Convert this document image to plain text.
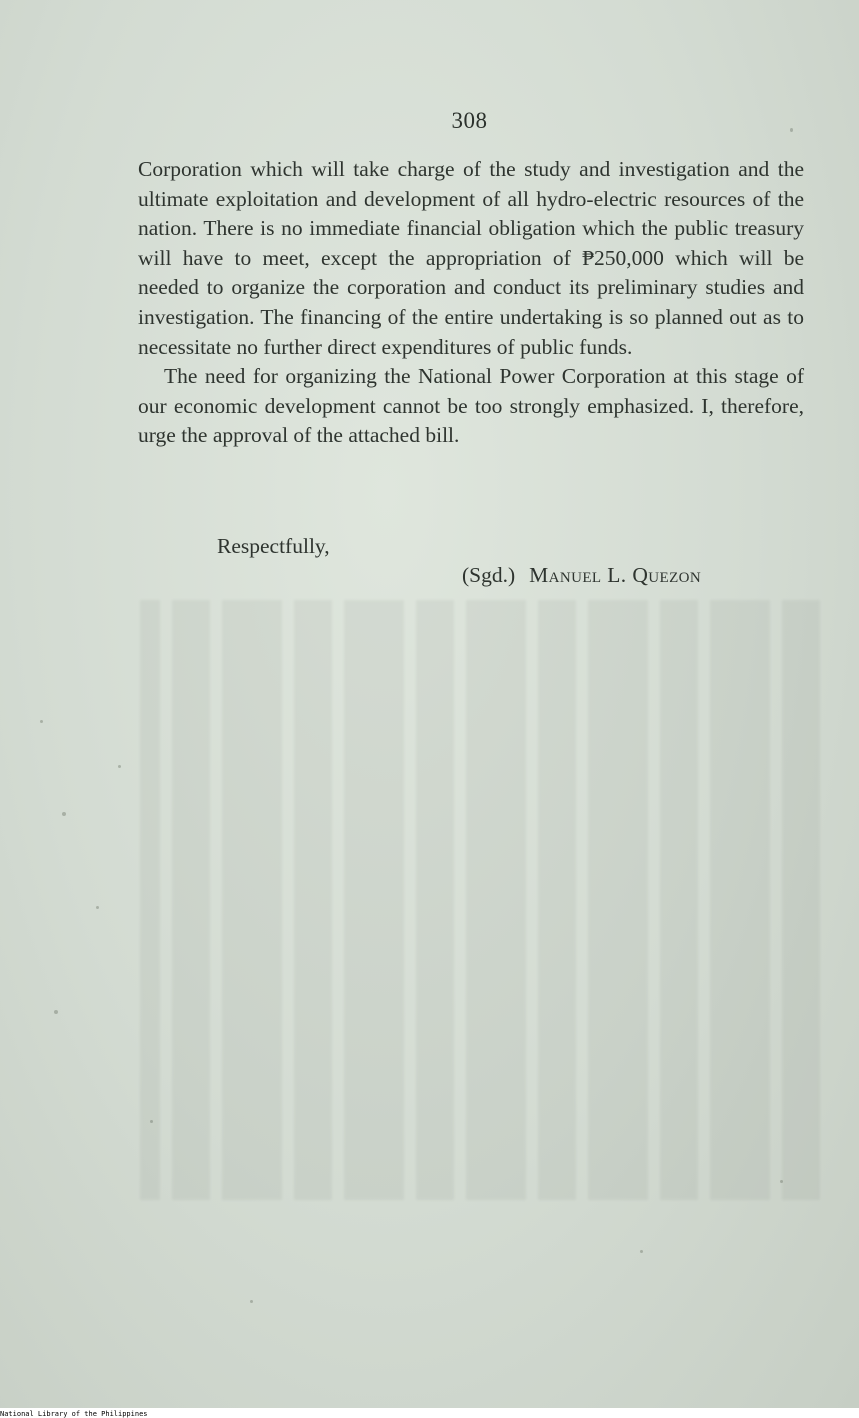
308

Corporation which will take charge of the study and investigation and the ultimate exploitation and development of all hydro-electric resources of the nation. There is no immediate financial obligation which the public treasury will have to meet, except the appropriation of ₱250,000 which will be needed to organize the corporation and conduct its preliminary studies and investigation. The financing of the entire undertaking is so planned out as to necessitate no further direct expenditures of public funds.

The need for organizing the National Power Corporation at this stage of our economic development cannot be too strongly emphasized. I, therefore, urge the approval of the attached bill.

Respectfully,
(Sgd.) Manuel L. Quezon
National Library of the Philippines
